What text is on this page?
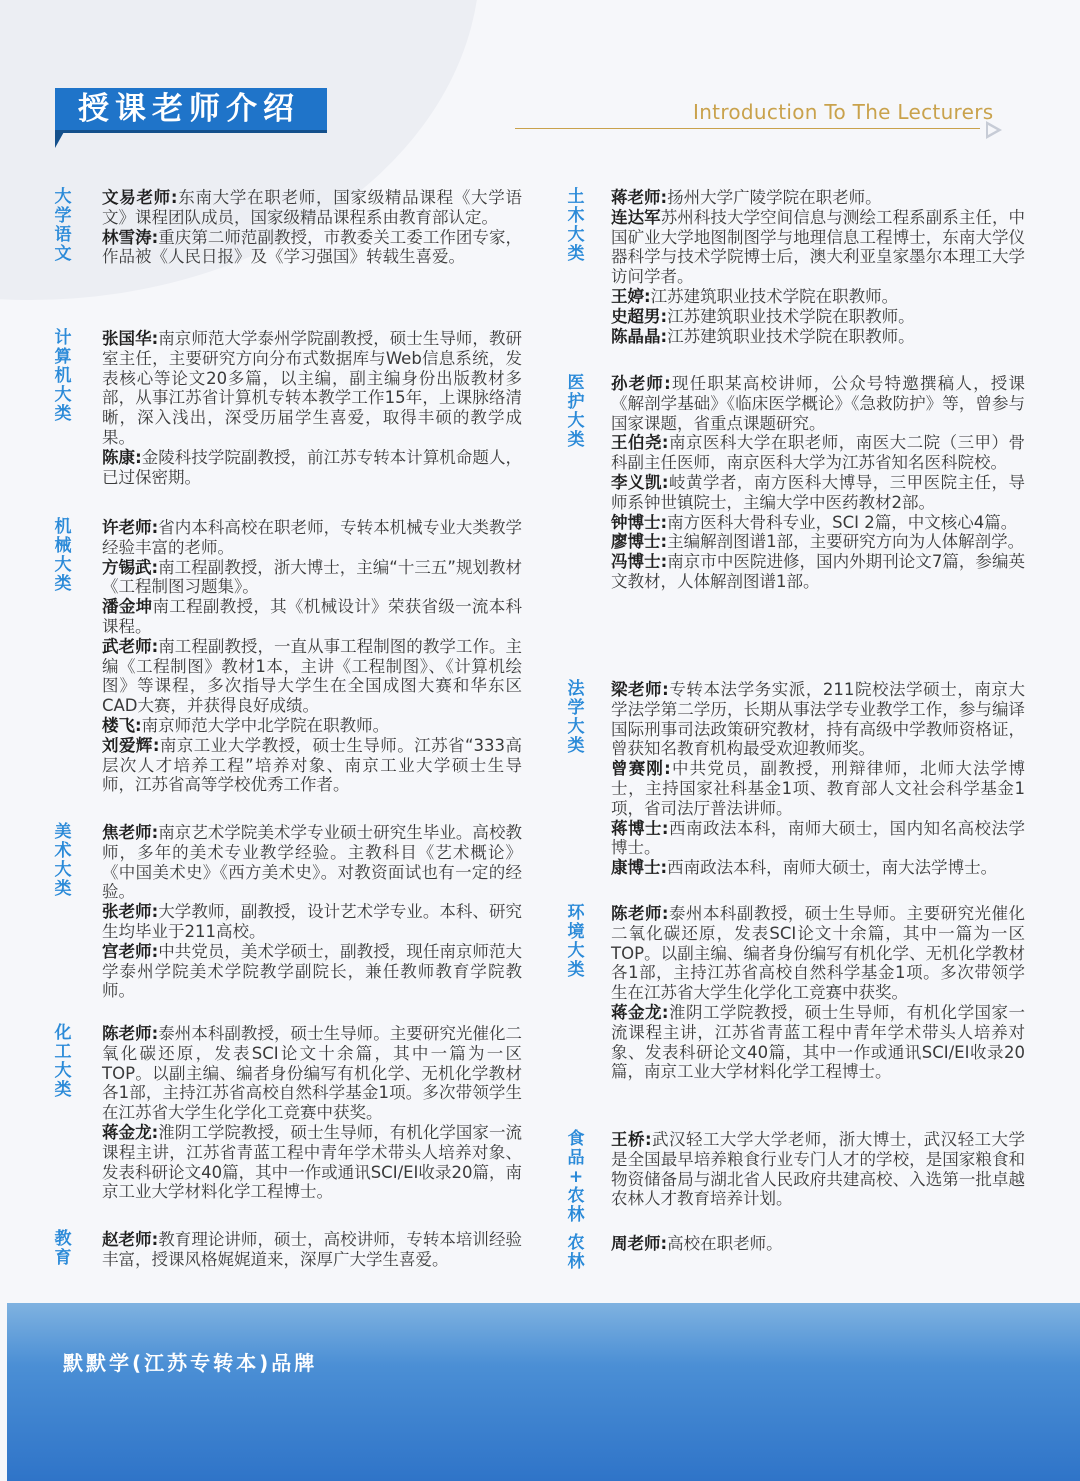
授课老师介绍	Introduction To The Lecturers
大
学
语
文

文易老师:东南大学在职老师，国家级精品课程《大学语文》课程团队成员，国家级精品课程系由教育部认定。

林雪涛:重庆第二师范副教授，市教委关工委工作团专家，作品被《人民日报》及《学习强国》转载生喜爱。

计
算
机
大
类

张国华:南京师范大学泰州学院副教授，硕士生导师，教研室主任，主要研究方向分布式数据库与Web信息系统，发表核心等论文20多篇，以主编，副主编身份出版教材多部，从事江苏省计算机专转本教学工作15年，上课脉络清晰，深入浅出，深受历届学生喜爱，取得丰硕的教学成果。

陈康:金陵科技学院副教授，前江苏专转本计算机命题人，已过保密期。

机
械
大
类

许老师:省内本科高校在职老师，专转本机械专业大类教学经验丰富的老师。

方锡武:南工程副教授，浙大博士，主编“十三五”规划教材 《工程制图习题集》。

潘金坤南工程副教授，其《机械设计》荣获省级一流本科课程。

武老师:南工程副教授，一直从事工程制图的教学工作。主编《工程制图》教材1本，主讲《工程制图》、《计算机绘图》等课程，多次指导大学生在全国成图大赛和华东区CAD大赛，并获得良好成绩。

楼飞:南京师范大学中北学院在职教师。

刘爱辉:南京工业大学教授，硕士生导师。江苏省“333高层次人才培养工程”培养对象、南京工业大学硕士生导师，江苏省高等学校优秀工作者。

美
术
大
类

焦老师:南京艺术学院美术学专业硕士研究生毕业。高校教师，多年的美术专业教学经验。主教科目《艺术概论》《中国美术史》《西方美术史》。对教资面试也有一定的经验。

张老师:大学教师，副教授，设计艺术学专业。本科、研究生均毕业于211高校。

宫老师:中共党员，美术学硕士，副教授，现任南京师范大学泰州学院美术学院教学副院长，兼任教师教育学院教师。

化
工
大
类

陈老师:泰州本科副教授，硕士生导师。主要研究光催化二氧化碳还原，发表SCI论文十余篇，其中一篇为一区TOP。以副主编、编者身份编写有机化学、无机化学教材各1部，主持江苏省高校自然科学基金1项。多次带领学生在江苏省大学生化学化工竞赛中获奖。

蒋金龙:淮阴工学院教授，硕士生导师，有机化学国家一流课程主讲，江苏省青蓝工程中青年学术带头人培养对象、发表科研论文40篇，其中一作或通讯SCI/EI收录20篇，南京工业大学材料化学工程博士。

教
育

赵老师:教育理论讲师，硕士，高校讲师，专转本培训经验丰富，授课风格娓娓道来，深厚广大学生喜爱。

土
木
大
类

蒋老师:扬州大学广陵学院在职老师。

连达军苏州科技大学空间信息与测绘工程系副系主任，中国矿业大学地图制图学与地理信息工程博士，东南大学仪器科学与技术学院博士后，澳大利亚皇家墨尔本理工大学访问学者。

王婷:江苏建筑职业技术学院在职教师。

史超男:江苏建筑职业技术学院在职教师。

陈晶晶:江苏建筑职业技术学院在职教师。

医
护
大
类

孙老师:现任职某高校讲师，公众号特邀撰稿人，授课《解剖学基础》《临床医学概论》《急救防护》等，曾参与国家课题，省重点课题研究。

王伯尧:南京医科大学在职老师，南医大二院（三甲）骨科副主任医师，南京医科大学为江苏省知名医科院校。

李义凯:岐黄学者，南方医科大博导，三甲医院主任，导师系钟世镇院士，主编大学中医药教材2部。

钟博士:南方医科大骨科专业，SCI 2篇，中文核心4篇。

廖博士:主编解剖图谱1部，主要研究方向为人体解剖学。

冯博士:南京市中医院进修，国内外期刊论文7篇，参编英文教材，人体解剖图谱1部。

法
学
大
类

梁老师:专转本法学务实派，211院校法学硕士，南京大学法学第二学历，长期从事法学专业教学工作，参与编译国际刑事司法政策研究教材，持有高级中学教师资格证，曾获知名教育机构最受欢迎教师奖。

曾赛刚:中共党员，副教授，刑辩律师，北师大法学博士，主持国家社科基金1项、教育部人文社会科学基金1项，省司法厅普法讲师。

蒋博士:西南政法本科，南师大硕士，国内知名高校法学博士。

康博士:西南政法本科，南师大硕士，南大法学博士。

环
境
大
类

陈老师:泰州本科副教授，硕士生导师。主要研究光催化二氧化碳还原，发表SCI论文十余篇，其中一篇为一区TOP。以副主编、编者身份编写有机化学、无机化学教材各1部，主持江苏省高校自然科学基金1项。多次带领学生在江苏省大学生化学化工竞赛中获奖。

蒋金龙:淮阴工学院教授，硕士生导师，有机化学国家一流课程主讲，江苏省青蓝工程中青年学术带头人培养对象、发表科研论文40篇，其中一作或通讯SCI/EI收录20篇，南京工业大学材料化学工程博士。

食
品
+
农
林

王桥:武汉轻工大学大学老师，浙大博士，武汉轻工大学是全国最早培养粮食行业专门人才的学校，是国家粮食和物资储备局与湖北省人民政府共建高校、入选第一批卓越农林人才教育培养计划。

农
林

周老师:高校在职老师。

默默学(江苏专转本)品牌
